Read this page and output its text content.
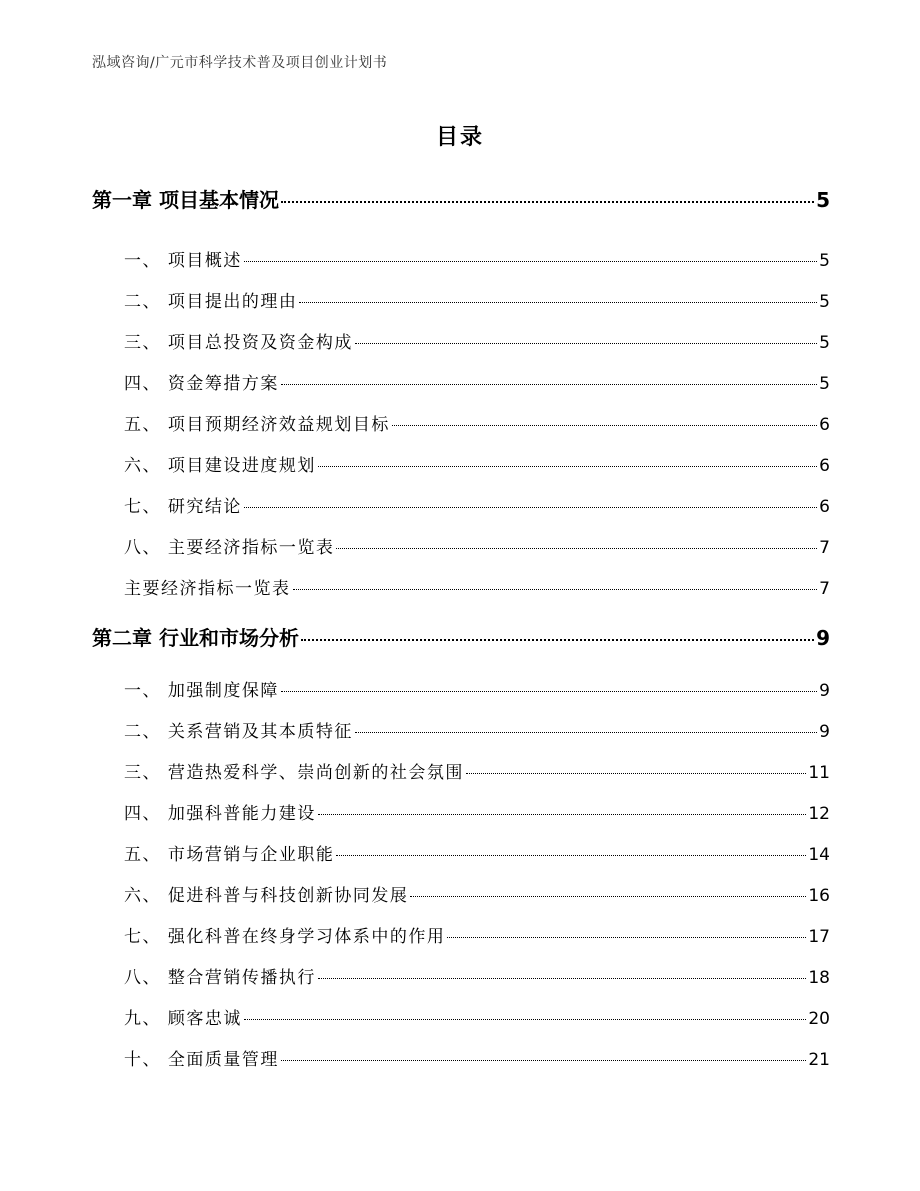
泓域咨询/广元市科学技术普及项目创业计划书
目录
第一章 项目基本情况	5
一、 项目概述	5
二、 项目提出的理由	5
三、 项目总投资及资金构成	5
四、 资金筹措方案	5
五、 项目预期经济效益规划目标	6
六、 项目建设进度规划	6
七、 研究结论	6
八、 主要经济指标一览表	7
主要经济指标一览表	7
第二章 行业和市场分析	9
一、 加强制度保障	9
二、 关系营销及其本质特征	9
三、 营造热爱科学、崇尚创新的社会氛围	11
四、 加强科普能力建设	12
五、 市场营销与企业职能	14
六、 促进科普与科技创新协同发展	16
七、 强化科普在终身学习体系中的作用	17
八、 整合营销传播执行	18
九、 顾客忠诚	20
十、 全面质量管理	21
